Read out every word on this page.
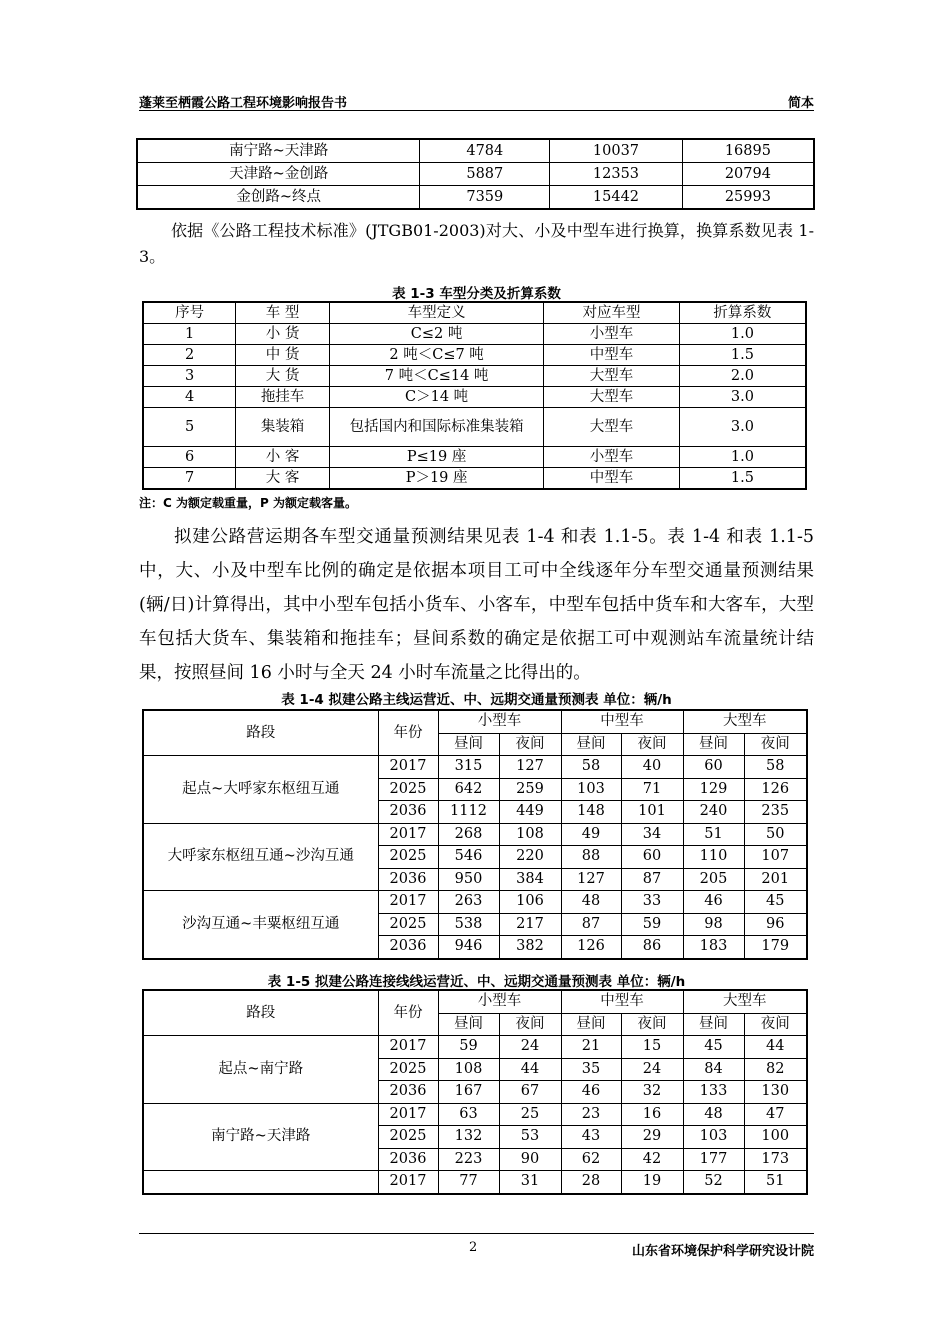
蓬莱至栖霞公路工程环境影响报告书	简本
南宁路~天津路	4784	10037	16895
天津路~金创路	5887	12353	20794
金创路~终点	7359	15442	25993
依据《公路工程技术标准》(JTGB01-2003)对大、小及中型车进行换算，换算系数见表 1-3。
表 1-3 车型分类及折算系数
序号	车 型	车型定义	对应车型	折算系数
1	小 货	C≤2 吨	小型车	1.0
2	中 货	2 吨＜C≤7 吨	中型车	1.5
3	大 货	7 吨＜C≤14 吨	大型车	2.0
4	拖挂车	C＞14 吨	大型车	3.0
5	集装箱	包括国内和国际标准集装箱	大型车	3.0
6	小 客	P≤19 座	小型车	1.0
7	大 客	P＞19 座	中型车	1.5
注：C 为额定载重量，P 为额定载客量。
拟建公路营运期各车型交通量预测结果见表 1-4 和表 1.1-5。表 1-4 和表 1.1-5 中，大、小及中型车比例的确定是依据本项目工可中全线逐年分车型交通量预测结果(辆/日)计算得出，其中小型车包括小货车、小客车，中型车包括中货车和大客车，大型车包括大货车、集装箱和拖挂车；昼间系数的确定是依据工可中观测站车流量统计结果，按照昼间 16 小时与全天 24 小时车流量之比得出的。
表 1-4 拟建公路主线运营近、中、远期交通量预测表 单位：辆/h
路段	年份	小型车		中型车		大型车	
		昼间	夜间	昼间	夜间	昼间	夜间
起点~大呼家东枢纽互通	2017	315	127	58	40	60	58
	2025	642	259	103	71	129	126
	2036	1112	449	148	101	240	235
大呼家东枢纽互通~沙沟互通	2017	268	108	49	34	51	50
	2025	546	220	88	60	110	107
	2036	950	384	127	87	205	201
沙沟互通~丰粟枢纽互通	2017	263	106	48	33	46	45
	2025	538	217	87	59	98	96
	2036	946	382	126	86	183	179
表 1-5 拟建公路连接线线运营近、中、远期交通量预测表 单位：辆/h
路段	年份	小型车		中型车		大型车	
		昼间	夜间	昼间	夜间	昼间	夜间
起点~南宁路	2017	59	24	21	15	45	44
	2025	108	44	35	24	84	82
	2036	167	67	46	32	133	130
南宁路~天津路	2017	63	25	23	16	48	47
	2025	132	53	43	29	103	100
	2036	223	90	62	42	177	173
	2017	77	31	28	19	52	51
2	山东省环境保护科学研究设计院
